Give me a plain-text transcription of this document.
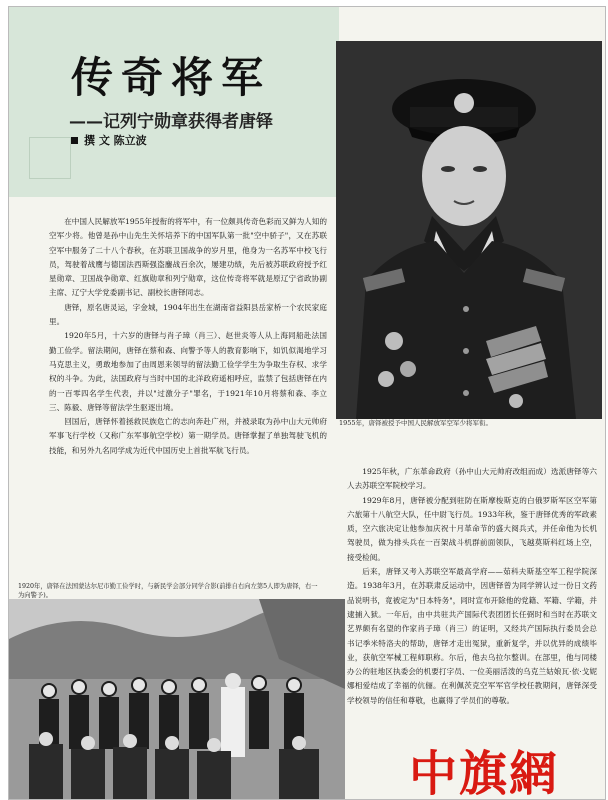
传奇将军
——记列宁勋章获得者唐铎
撰 文 陈立波
1955年，唐铎被授予中国人民解放军空军少将军衔。

在中国人民解放军1955年授衔的将军中，有一位颇具传奇色彩而又鲜为人知的空军少将。他曾是孙中山先生关怀培养下的中国军队第一批"空中骄子"，又在苏联空军中服务了二十八个春秋，在苏联卫国战争的岁月里，他身为一名苏军中校飞行员，驾驶着战鹰与德国法西斯强盗鏖战百余次，屡建功绩，先后被苏联政府授予红星勋章、卫国战争勋章、红旗勋章和列宁勋章，这位传奇将军就是原辽宁省政协副主席、辽宁大学党委副书记、副校长唐铎同志。

唐铎，原名唐灵运，字金城，1904年出生在湖南省益阳县岳家桥一个农民家庭里。

1920年5月，十六岁的唐铎与肖子璋（肖三）、赵世炎等人从上海同船赴法国勤工俭学。留法期间，唐铎在蔡和森、向警予等人的教育影响下，如饥似渴地学习马克思主义，勇敢地参加了由周恩来领导的留法勤工俭学学生为争取生存权、求学权的斗争。为此，法国政府与当时中国的北洋政府遥相呼应，监禁了包括唐铎在内的一百零四名学生代表，并以"过激分子"罪名，于1921年10月将蔡和森、李立三、陈毅、唐铎等留法学生驱逐出境。

回国后，唐铎怀着拯救民族危亡的志向奔赴广州，并被录取为孙中山大元帅府军事飞行学校（又称广东军事航空学校）第一期学员。唐铎掌握了单独驾驶飞机的技能，和另外九名同学成为近代中国历史上首批军航飞行员。

1925年秋，广东革命政府（孙中山大元帅府改组而成）选派唐铎等六人去苏联空军院校学习。

1929年8月，唐铎被分配到驻防在斯摩梭斯克的白俄罗斯军区空军第六旅第十八航空大队，任中尉飞行员。1933年秋，鉴于唐铎优秀的军政素质，空六旅决定让他参加庆祝十月革命节的盛大阅兵式，并任命他为长机驾驶员，做为排头兵在一百架战斗机群前面领队，飞越莫斯科红场上空，接受检阅。

后来，唐铎又考入苏联空军最高学府——茹科夫斯基空军工程学院深造。1938年3月，在苏联肃反运动中，因唐铎曾为同学辨认过一份日文药品说明书，竟被定为"日本特务"，同时宣布开除他的党籍、军籍、学籍，并逮捕入狱。一年后，由中共驻共产国际代表团团长任弼时和当时在苏联文艺界颇有名望的作家肖子璋（肖三）的证明，又经共产国际执行委员会总书记季米特洛夫的帮助，唐铎才走出冤狱，重新复学，并以优异的成绩毕业，获航空军械工程师职称。尔后，他去乌拉尔整训。在部里，他与同楼办公的驻地区执委会的机要打字员、一位美丽活泼的乌克兰姑娘瓦·依·戈妮娜相爱结成了幸福的伉俪。在利佩茨克空军军官学校任教期间，唐铎深受学校领导的信任和尊敬，也赢得了学员们的尊敬。

1920年，唐铎在法国蒙达尔尼市勤工俭学时，与新民学会部分同学合影(前排自右向左第5人即为唐铎，右一为向警予)。
中旗網
